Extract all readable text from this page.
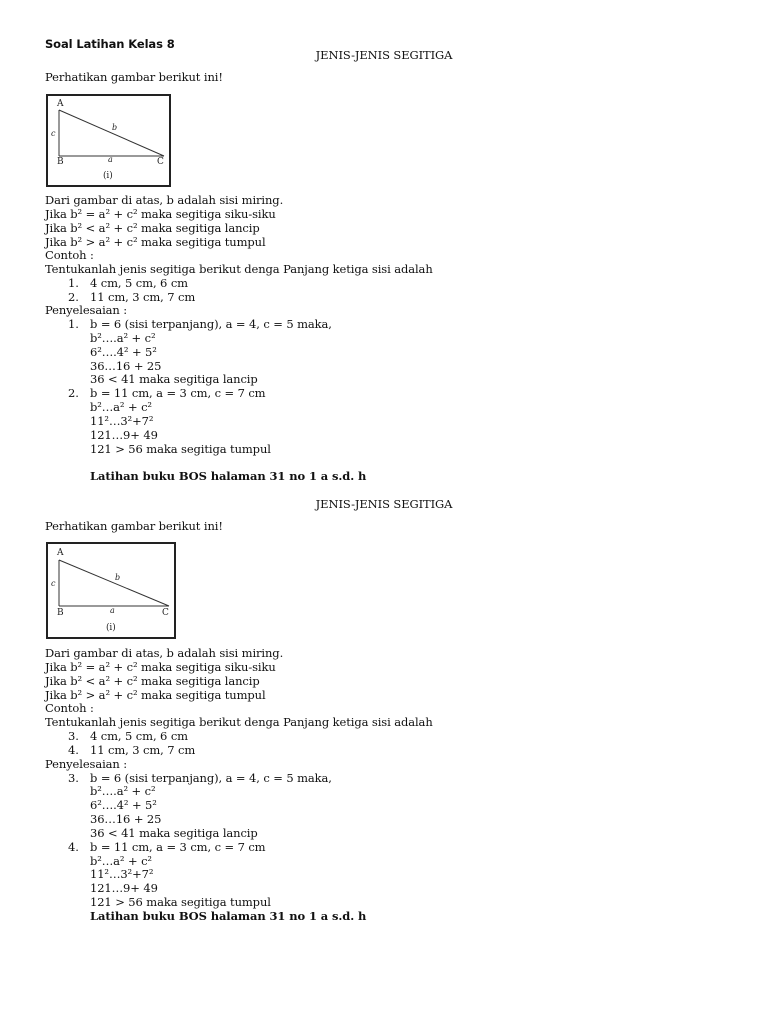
Soal Latihan Kelas 8
JENIS-JENIS SEGITIGA
Perhatikan gambar berikut ini!
A
B	C
c
a
b
(i)
Dari gambar di atas, b adalah sisi miring.
Jika b² = a² + c² maka segitiga siku-siku
Jika b² < a² + c² maka segitiga lancip
Jika b² > a² + c² maka segitiga tumpul
Contoh :
Tentukanlah jenis segitiga berikut denga Panjang ketiga sisi adalah
1. 4 cm, 5 cm, 6 cm
2. 11 cm, 3 cm, 7 cm
Penyelesaian :
1. b = 6 (sisi terpanjang), a = 4, c = 5 maka,
b²….a² + c²
6²….4² + 5²
36…16 + 25
36 < 41 maka segitiga lancip
2. b = 11 cm, a = 3 cm, c = 7 cm
b²…a² + c²
11²…3²+7²
121…9+ 49
121 > 56 maka segitiga tumpul
Latihan buku BOS halaman 31 no 1 a s.d. h
JENIS-JENIS SEGITIGA
Perhatikan gambar berikut ini!
A
B	C
c
a
b
(i)
Dari gambar di atas, b adalah sisi miring.
Jika b² = a² + c² maka segitiga siku-siku
Jika b² < a² + c² maka segitiga lancip
Jika b² > a² + c² maka segitiga tumpul
Contoh :
Tentukanlah jenis segitiga berikut denga Panjang ketiga sisi adalah
3. 4 cm, 5 cm, 6 cm
4. 11 cm, 3 cm, 7 cm
Penyelesaian :
3. b = 6 (sisi terpanjang), a = 4, c = 5 maka,
b²….a² + c²
6²….4² + 5²
36…16 + 25
36 < 41 maka segitiga lancip
4. b = 11 cm, a = 3 cm, c = 7 cm
b²…a² + c²
11²…3²+7²
121…9+ 49
121 > 56 maka segitiga tumpul
Latihan buku BOS halaman 31 no 1 a s.d. h
